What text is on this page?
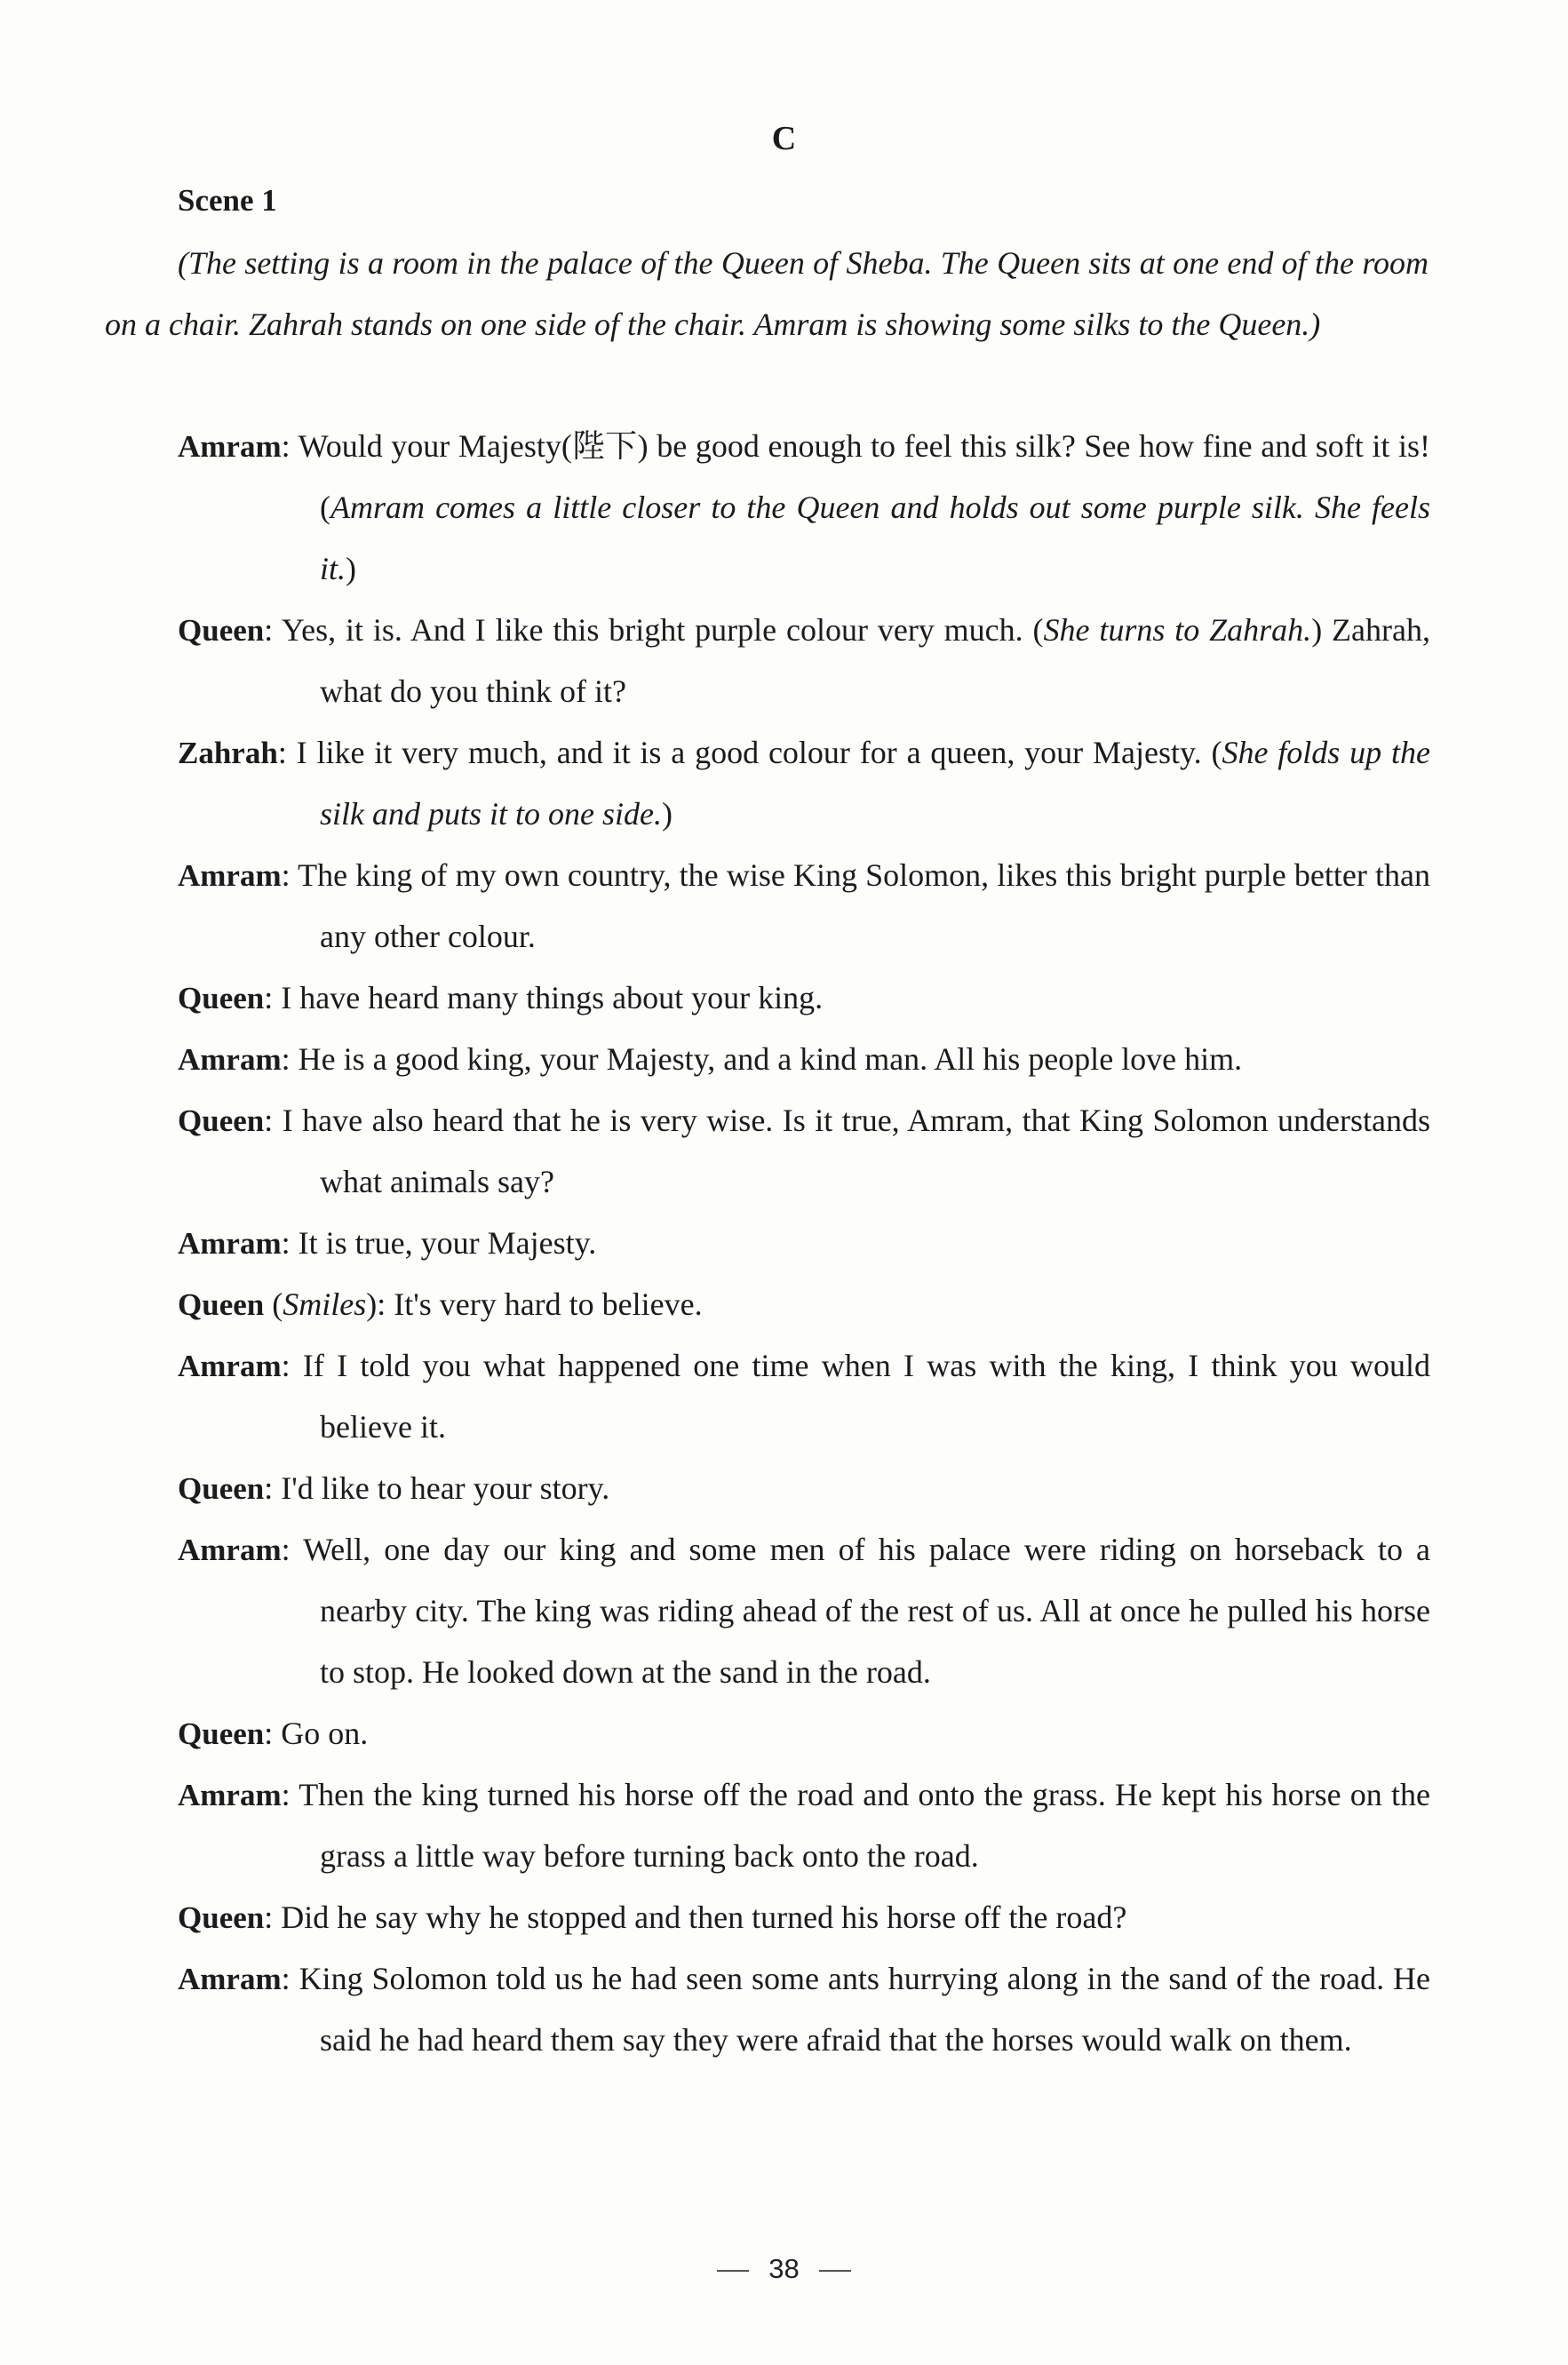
C
Scene 1
(The setting is a room in the palace of the Queen of Sheba. The Queen sits at one end of the room on a chair. Zahrah stands on one side of the chair. Amram is showing some silks to the Queen.)
Amram: Would your Majesty(陛下) be good enough to feel this silk? See how fine and soft it is! (Amram comes a little closer to the Queen and holds out some purple silk. She feels it.)
Queen: Yes, it is. And I like this bright purple colour very much. (She turns to Zahrah.) Zahrah, what do you think of it?
Zahrah: I like it very much, and it is a good colour for a queen, your Majesty. (She folds up the silk and puts it to one side.)
Amram: The king of my own country, the wise King Solomon, likes this bright purple better than any other colour.
Queen: I have heard many things about your king.
Amram: He is a good king, your Majesty, and a kind man. All his people love him.
Queen: I have also heard that he is very wise. Is it true, Amram, that King Solomon understands what animals say?
Amram: It is true, your Majesty.
Queen (Smiles): It's very hard to believe.
Amram: If I told you what happened one time when I was with the king, I think you would believe it.
Queen: I'd like to hear your story.
Amram: Well, one day our king and some men of his palace were riding on horseback to a nearby city. The king was riding ahead of the rest of us. All at once he pulled his horse to stop. He looked down at the sand in the road.
Queen: Go on.
Amram: Then the king turned his horse off the road and onto the grass. He kept his horse on the grass a little way before turning back onto the road.
Queen: Did he say why he stopped and then turned his horse off the road?
Amram: King Solomon told us he had seen some ants hurrying along in the sand of the road. He said he had heard them say they were afraid that the horses would walk on them.
38
